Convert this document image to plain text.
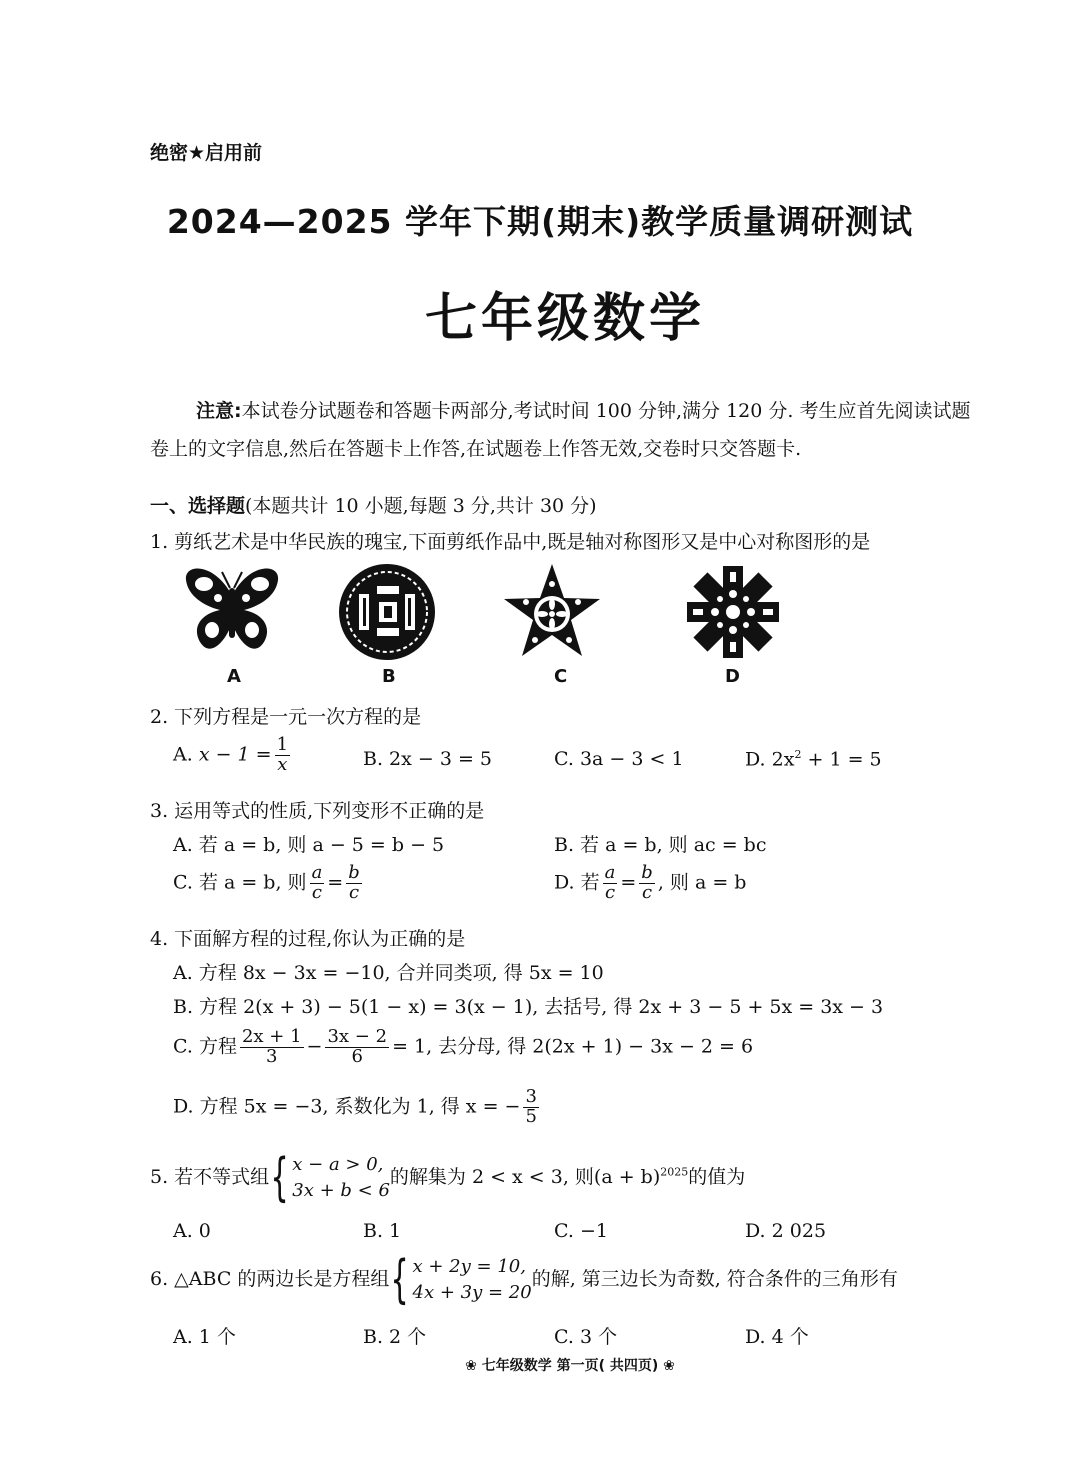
绝密★启用前
2024—2025 学年下期(期末)教学质量调研测试
七年级数学
注意:本试卷分试题卷和答题卡两部分,考试时间 100 分钟,满分 120 分. 考生应首先阅读试题卷上的文字信息,然后在答题卡上作答,在试题卷上作答无效,交卷时只交答题卡.
一、选择题(本题共计 10 小题,每题 3 分,共计 30 分)
1. 剪纸艺术是中华民族的瑰宝,下面剪纸作品中,既是轴对称图形又是中心对称图形的是
A	B	C	D
2. 下列方程是一元一次方程的是
A. $x - 1 = \frac{1}{x}$	B. 2x − 3 = 5	C. 3a − 3 < 1	D. $2x^2 + 1 = 5$
3. 运用等式的性质,下列变形不正确的是
A. 若 a = b, 则 a − 5 = b − 5	B. 若 a = b, 则 ac = bc
C. 若 a = b, 则 $\frac{a}{c} = \frac{b}{c}$	D. 若 $\frac{a}{c} = \frac{b}{c}$ , 则 a = b
4. 下面解方程的过程,你认为正确的是
A. 方程 8x − 3x = −10, 合并同类项, 得 5x = 10
B. 方程 2(x + 3) − 5(1 − x) = 3(x − 1), 去括号, 得 2x + 3 − 5 + 5x = 3x − 3
C. 方程 $\frac{2x + 1}{3} - \frac{3x - 2}{6} = 1$, 去分母, 得 2(2x + 1) − 3x − 2 = 6
D. 方程 5x = −3, 系数化为 1, 得 x = − $\frac{3}{5}$
5. 若不等式组 { x − a > 0,
3x + b < 6
的解集为 2 < x < 3, 则$(a + b)^{2025}$的值为
A. 0	B. 1	C. −1	D. 2 025
6. △ABC 的两边长是方程组 { x + 2y = 10,
4x + 3y = 20
的解, 第三边长为奇数, 符合条件的三角形有
A. 1 个	B. 2 个	C. 3 个	D. 4 个
❀ 七年级数学 第一页( 共四页) ❀
